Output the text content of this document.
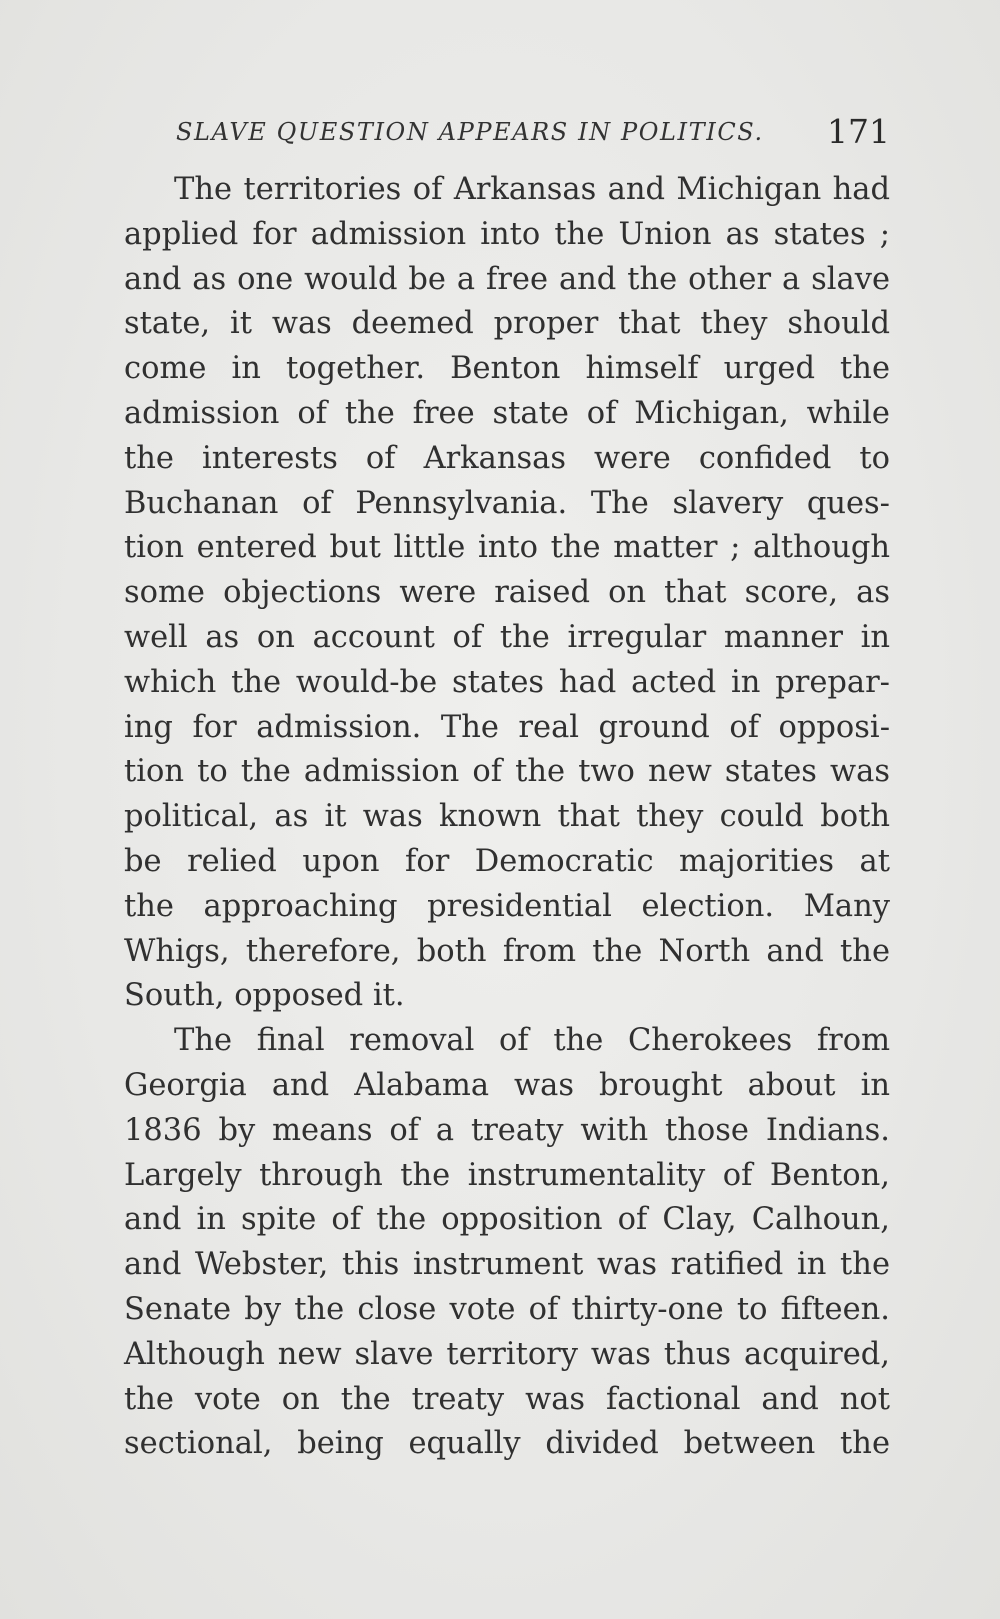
SLAVE QUESTION APPEARS IN POLITICS. 171
The territories of Arkansas and Michigan had
applied for admission into the Union as states ;
and as one would be a free and the other a slave
state, it was deemed proper that they should
come in together. Benton himself urged the
admission of the free state of Michigan, while
the interests of Arkansas were confided to
Buchanan of Pennsylvania. The slavery ques-
tion entered but little into the matter ; although
some objections were raised on that score, as
well as on account of the irregular manner in
which the would-be states had acted in prepar-
ing for admission. The real ground of opposi-
tion to the admission of the two new states was
political, as it was known that they could both
be relied upon for Democratic majorities at
the approaching presidential election. Many
Whigs, therefore, both from the North and the
South, opposed it.
The final removal of the Cherokees from
Georgia and Alabama was brought about in
1836 by means of a treaty with those Indians.
Largely through the instrumentality of Benton,
and in spite of the opposition of Clay, Calhoun,
and Webster, this instrument was ratified in the
Senate by the close vote of thirty-one to fifteen.
Although new slave territory was thus acquired,
the vote on the treaty was factional and not
sectional, being equally divided between the
